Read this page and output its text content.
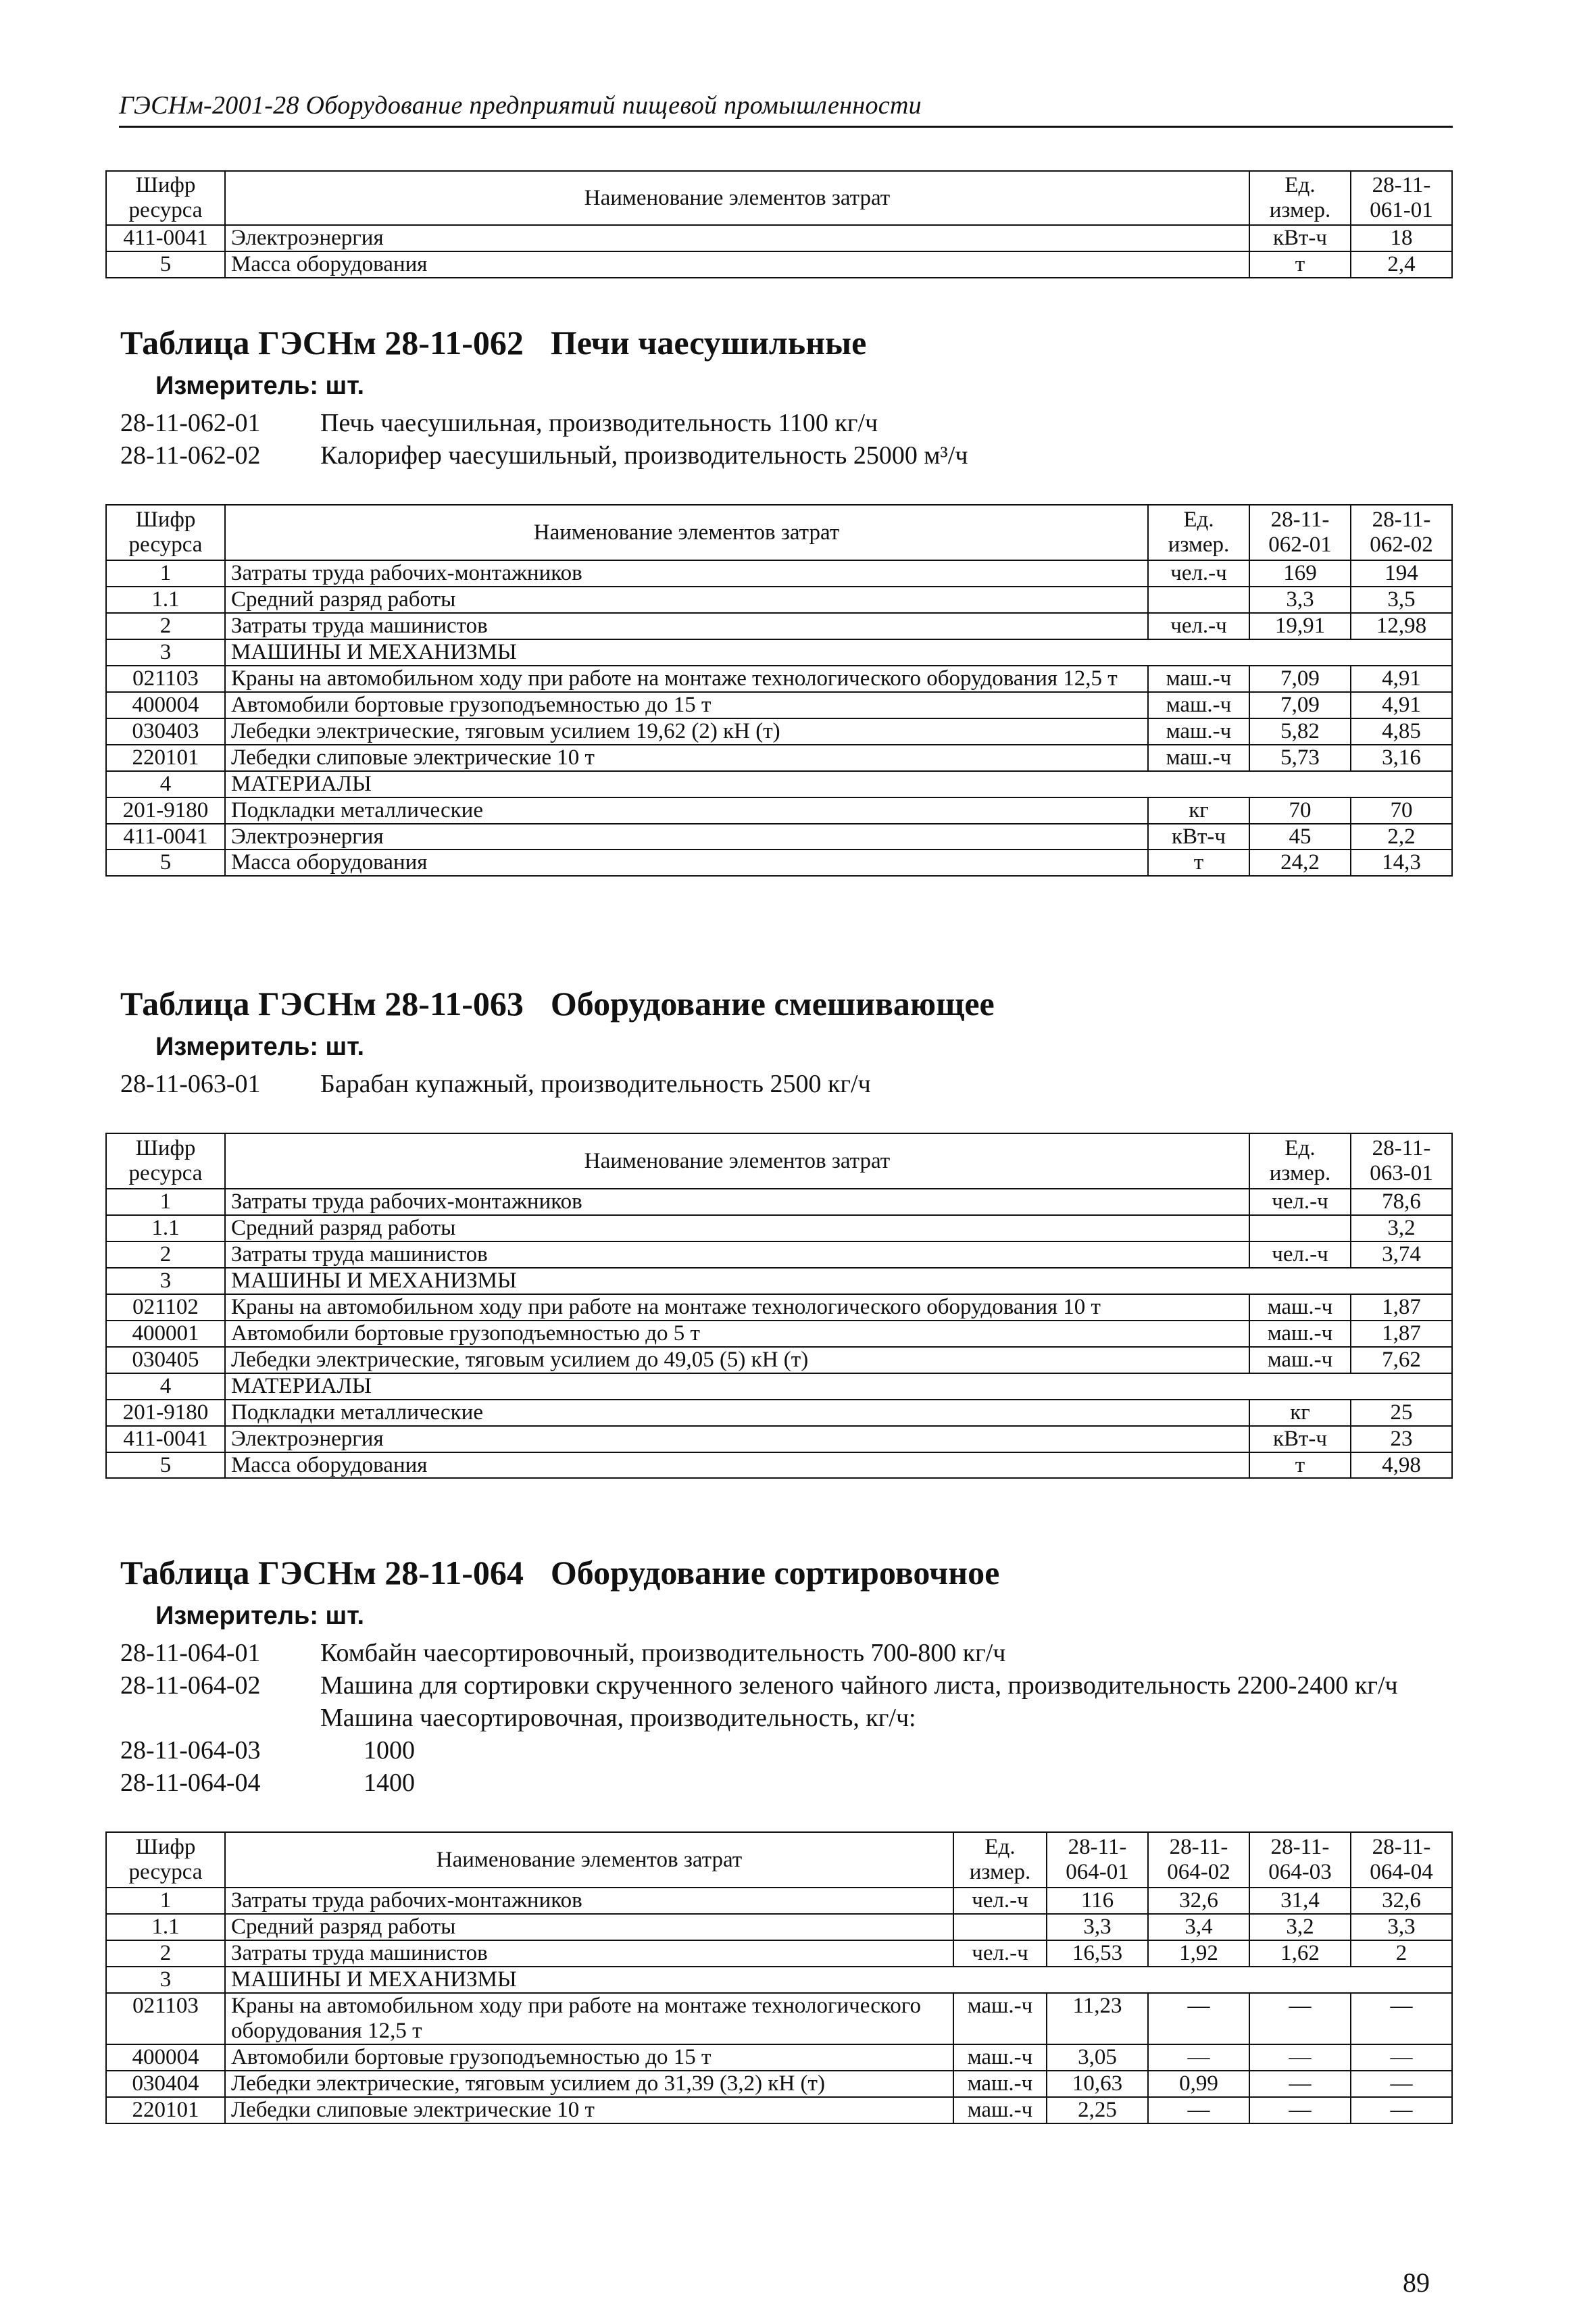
ГЭСНм-2001-28 Оборудование предприятий пищевой промышленности
Шифр ресурса	Наименование элементов затрат	Ед. измер.	28-11-061-01
411-0041	Электроэнергия	кВт-ч	18
5	Масса оборудования	т	2,4
Таблица ГЭСНм 28-11-062 Печи чаесушильные
Измеритель: шт.
28-11-062-01 Печь чаесушильная, производительность 1100 кг/ч
28-11-062-02 Калорифер чаесушильный, производительность 25000 м³/ч
Шифр ресурса	Наименование элементов затрат	Ед. измер.	28-11-062-01	28-11-062-02
1	Затраты труда рабочих-монтажников	чел.-ч	169	194
1.1	Средний разряд работы		3,3	3,5
2	Затраты труда машинистов	чел.-ч	19,91	12,98
3	МАШИНЫ И МЕХАНИЗМЫ			
021103	Краны на автомобильном ходу при работе на монтаже технологического оборудования 12,5 т	маш.-ч	7,09	4,91
400004	Автомобили бортовые грузоподъемностью до 15 т	маш.-ч	7,09	4,91
030403	Лебедки электрические, тяговым усилием 19,62 (2) кН (т)	маш.-ч	5,82	4,85
220101	Лебедки слиповые электрические 10 т	маш.-ч	5,73	3,16
4	МАТЕРИАЛЫ			
201-9180	Подкладки металлические	кг	70	70
411-0041	Электроэнергия	кВт-ч	45	2,2
5	Масса оборудования	т	24,2	14,3
Таблица ГЭСНм 28-11-063 Оборудование смешивающее
Измеритель: шт.
28-11-063-01 Барабан купажный, производительность 2500 кг/ч
Шифр ресурса	Наименование элементов затрат	Ед. измер.	28-11-063-01
1	Затраты труда рабочих-монтажников	чел.-ч	78,6
1.1	Средний разряд работы		3,2
2	Затраты труда машинистов	чел.-ч	3,74
3	МАШИНЫ И МЕХАНИЗМЫ		
021102	Краны на автомобильном ходу при работе на монтаже технологического оборудования 10 т	маш.-ч	1,87
400001	Автомобили бортовые грузоподъемностью до 5 т	маш.-ч	1,87
030405	Лебедки электрические, тяговым усилием до 49,05 (5) кН (т)	маш.-ч	7,62
4	МАТЕРИАЛЫ		
201-9180	Подкладки металлические	кг	25
411-0041	Электроэнергия	кВт-ч	23
5	Масса оборудования	т	4,98
Таблица ГЭСНм 28-11-064 Оборудование сортировочное
Измеритель: шт.
28-11-064-01 Комбайн чаесортировочный, производительность 700-800 кг/ч
28-11-064-02 Машина для сортировки скрученного зеленого чайного листа, производительность 2200-2400 кг/ч
Машина чаесортировочная, производительность, кг/ч:
28-11-064-03	1000
28-11-064-04	1400
Шифр ресурса	Наименование элементов затрат	Ед. измер.	28-11-064-01	28-11-064-02	28-11-064-03	28-11-064-04
1	Затраты труда рабочих-монтажников	чел.-ч	116	32,6	31,4	32,6
1.1	Средний разряд работы		3,3	3,4	3,2	3,3
2	Затраты труда машинистов	чел.-ч	16,53	1,92	1,62	2
3	МАШИНЫ И МЕХАНИЗМЫ					
021103	Краны на автомобильном ходу при работе на монтаже технологического оборудования 12,5 т	маш.-ч	11,23	—	—	—
400004	Автомобили бортовые грузоподъемностью до 15 т	маш.-ч	3,05	—	—	—
030404	Лебедки электрические, тяговым усилием до 31,39 (3,2) кН (т)	маш.-ч	10,63	0,99	—	—
220101	Лебедки слиповые электрические 10 т	маш.-ч	2,25	—	—	—
89
